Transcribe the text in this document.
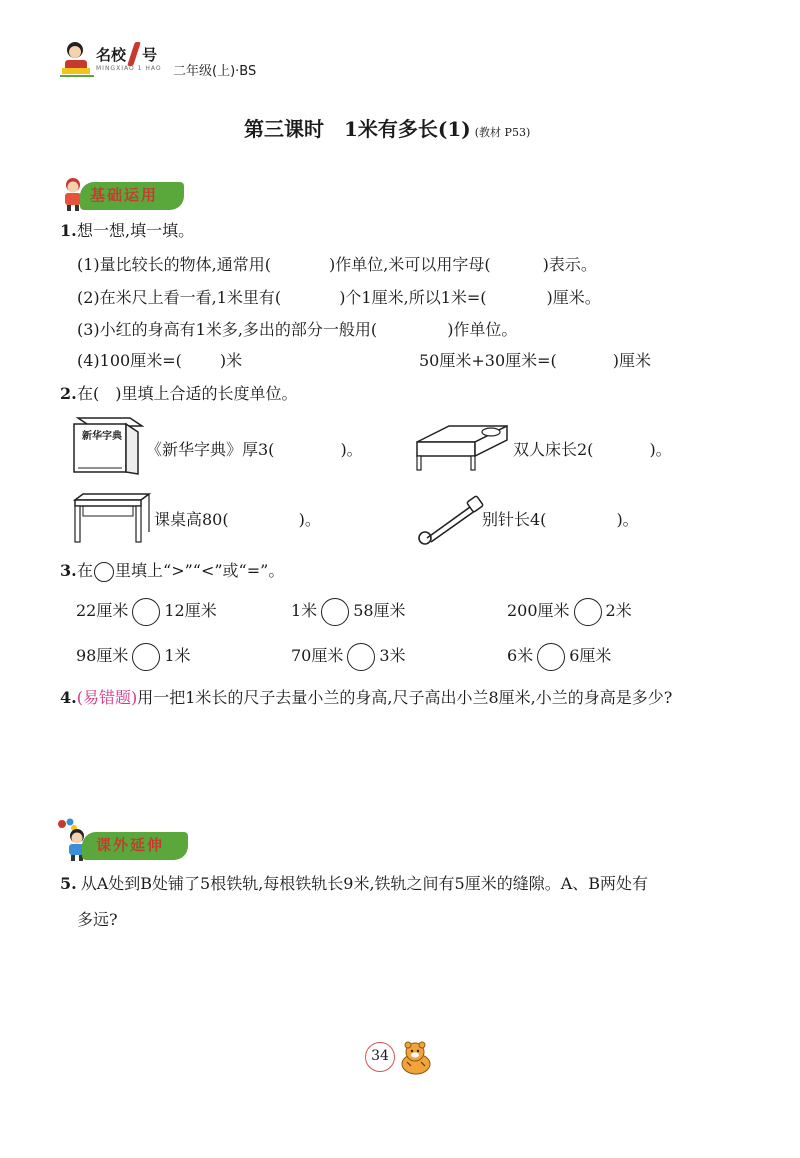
名校 号
MINGXIAO 1 HAO 二年级(上)·BS
第三课时　1米有多长(1) (教材 P53)
基础运用
1. 想一想,填一填。
(1)量比较长的物体,通常用(	)作单位,米可以用字母(	)表示。
(2)在米尺上看一看,1米里有(	)个1厘米,所以1米=(	)厘米。
(3)小红的身高有1米多,多出的部分一般用(	)作单位。
(4)100厘米=( )米	50厘米+30厘米=(	)厘米
2. 在(　)里填上合适的长度单位。
新华字典
《新华字典》厚3(	)。	双人床长2(	)。
课桌高80(	)。	别针长4(	)。
3. 在 里填上“>”“<”或“=”。
22厘米 12厘米	1米 58厘米	200厘米 2米
98厘米 1米	70厘米 3米	6米 6厘米
4.(易错题)用一把1米长的尺子去量小兰的身高,尺子高出小兰8厘米,小兰的身高是多少?
课外延伸
5. 从A处到B处铺了5根铁轨,每根铁轨长9米,铁轨之间有5厘米的缝隙。A、B两处有
多远?
34
